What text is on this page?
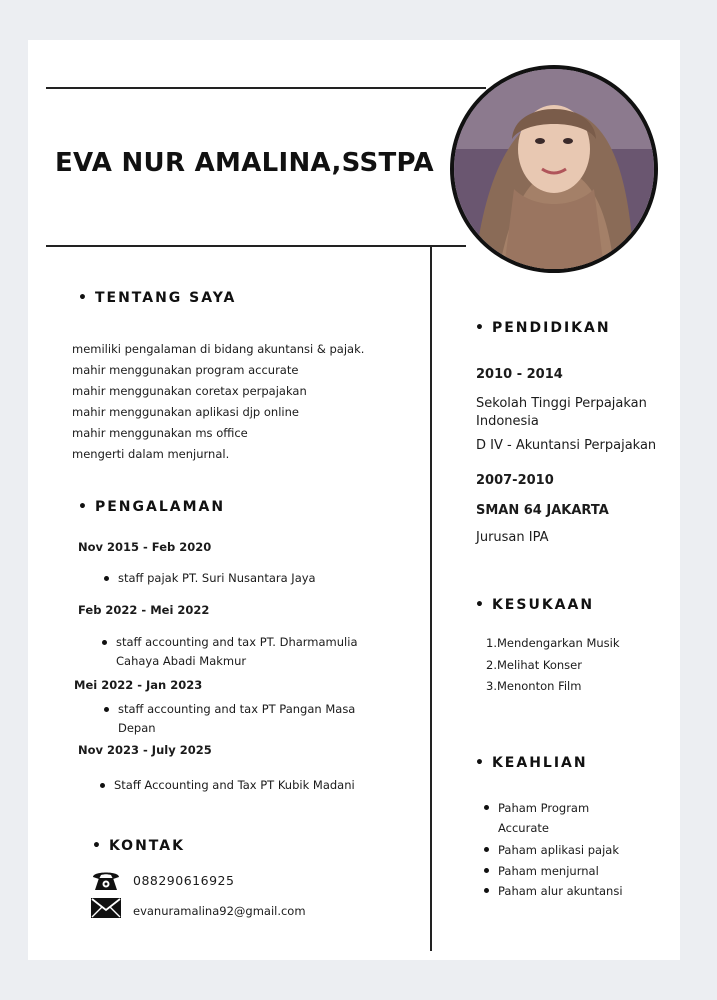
EVA NUR AMALINA,SSTPA
• TENTANG SAYA
memiliki pengalaman di bidang akuntansi & pajak.
mahir menggunakan program accurate
mahir menggunakan coretax perpajakan
mahir menggunakan aplikasi djp online
mahir menggunakan ms office
mengerti dalam menjurnal.
• PENGALAMAN
Nov 2015 - Feb 2020
staff pajak PT. Suri Nusantara Jaya
Feb 2022 - Mei 2022
staff accounting and tax PT. Dharmamulia
Cahaya Abadi Makmur
Mei 2022 - Jan 2023
staff accounting and tax PT Pangan Masa
Depan
Nov 2023 - July 2025
Staff Accounting and Tax PT Kubik Madani
• KONTAK
088290616925
evanuramalina92@gmail.com
• PENDIDIKAN
2010 - 2014
Sekolah Tinggi Perpajakan
Indonesia
D IV - Akuntansi Perpajakan
2007-2010
SMAN 64 JAKARTA
Jurusan IPA
• KESUKAAN
1.Mendengarkan Musik
2.Melihat Konser
3.Menonton Film
• KEAHLIAN
Paham Program
Accurate
Paham aplikasi pajak
Paham menjurnal
Paham alur akuntansi
